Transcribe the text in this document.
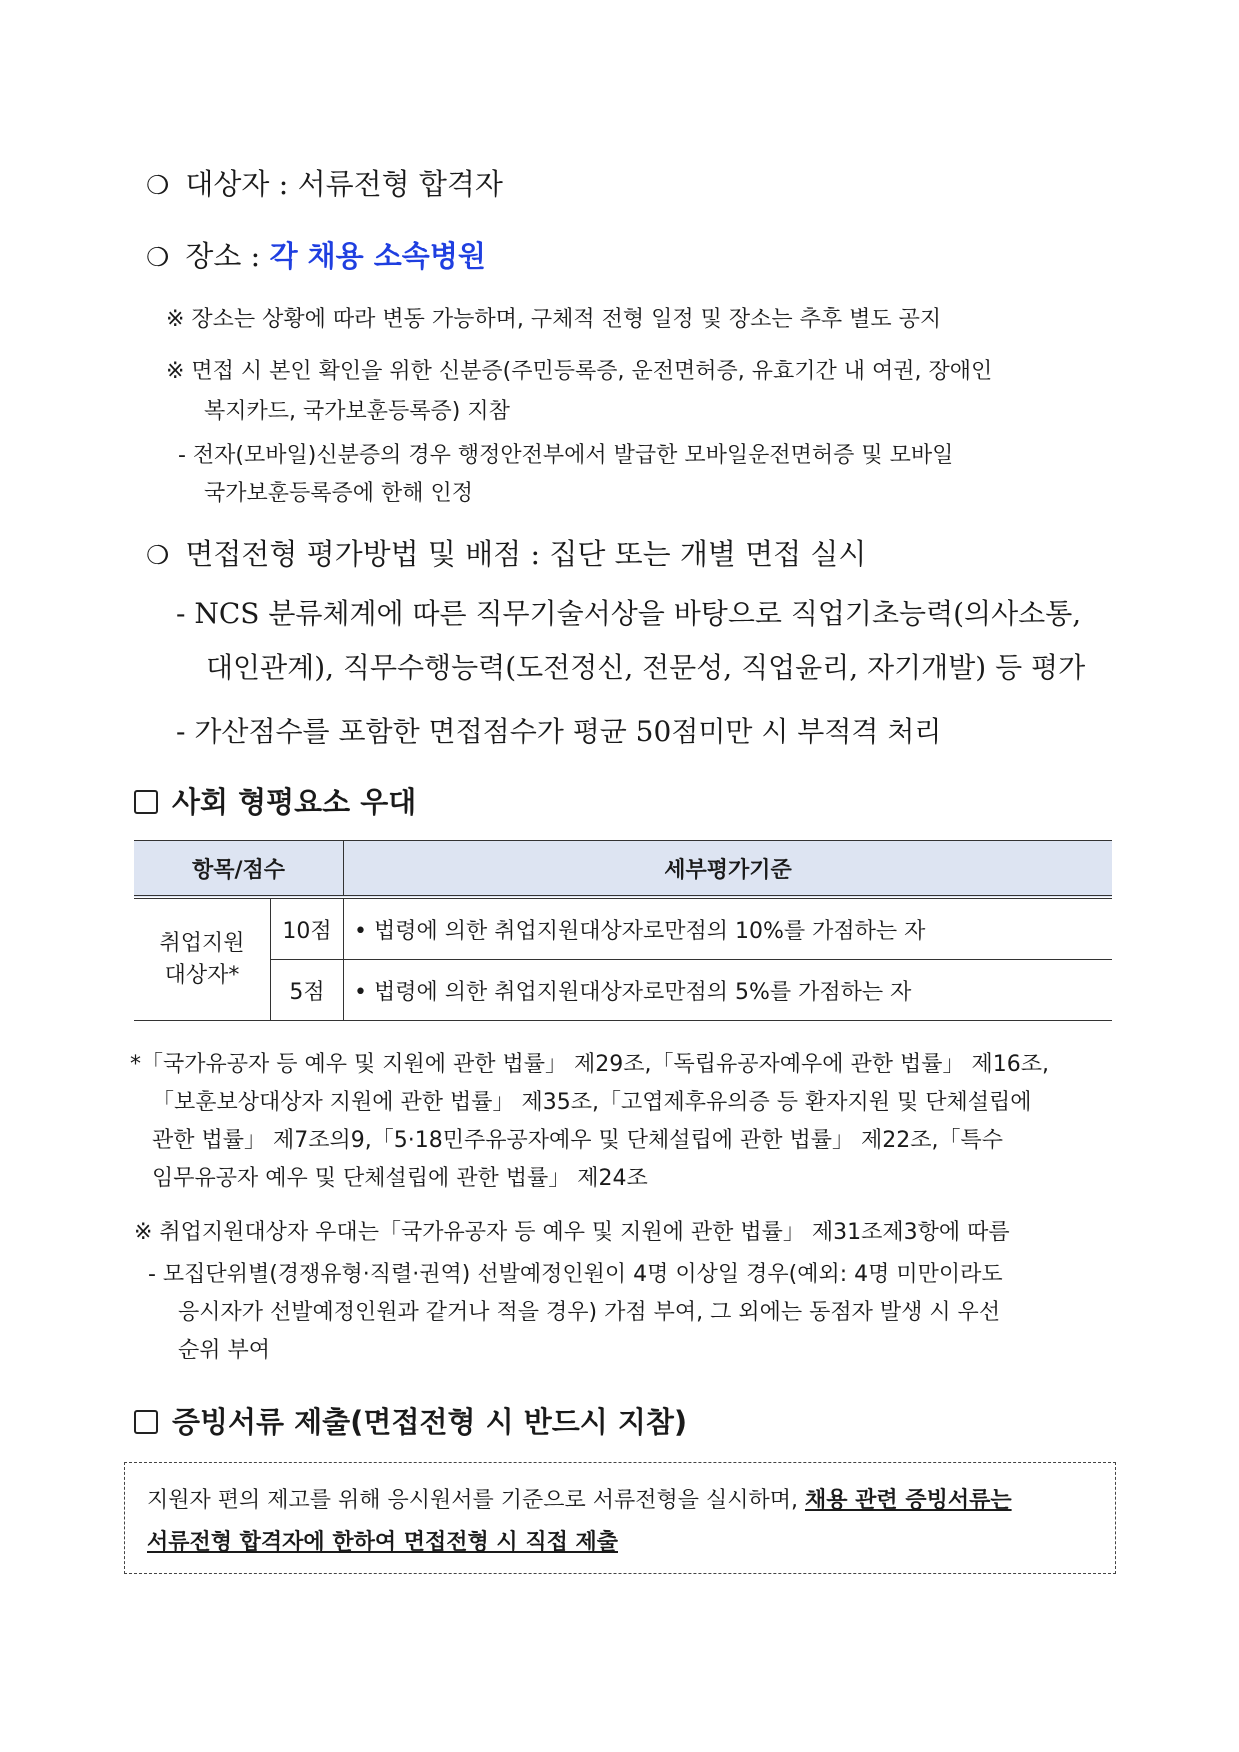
❍ 대상자 : 서류전형 합격자
❍ 장소 : 각 채용 소속병원
※ 장소는 상황에 따라 변동 가능하며, 구체적 전형 일정 및 장소는 추후 별도 공지
※ 면접 시 본인 확인을 위한 신분증(주민등록증, 운전면허증, 유효기간 내 여권, 장애인
복지카드, 국가보훈등록증) 지참
- 전자(모바일)신분증의 경우 행정안전부에서 발급한 모바일운전면허증 및 모바일
국가보훈등록증에 한해 인정
❍ 면접전형 평가방법 및 배점 : 집단 또는 개별 면접 실시
- NCS 분류체계에 따른 직무기술서상을 바탕으로 직업기초능력(의사소통,
대인관계), 직무수행능력(도전정신, 전문성, 직업윤리, 자기개발) 등 평가
- 가산점수를 포함한 면접점수가 평균 50점미만 시 부적격 처리
사회 형평요소 우대
항목/점수		세부평가기준
취업지원
대상자*	10점	• 법령에 의한 취업지원대상자로만점의 10%를 가점하는 자
	5점	• 법령에 의한 취업지원대상자로만점의 5%를 가점하는 자
*「국가유공자 등 예우 및 지원에 관한 법률」 제29조,「독립유공자예우에 관한 법률」 제16조,
「보훈보상대상자 지원에 관한 법률」 제35조,「고엽제후유의증 등 환자지원 및 단체설립에
관한 법률」 제7조의9,「5·18민주유공자예우 및 단체설립에 관한 법률」 제22조,「특수
임무유공자 예우 및 단체설립에 관한 법률」 제24조
※ 취업지원대상자 우대는「국가유공자 등 예우 및 지원에 관한 법률」 제31조제3항에 따름
- 모집단위별(경쟁유형·직렬·권역) 선발예정인원이 4명 이상일 경우(예외: 4명 미만이라도
응시자가 선발예정인원과 같거나 적을 경우) 가점 부여, 그 외에는 동점자 발생 시 우선
순위 부여
증빙서류 제출(면접전형 시 반드시 지참)
지원자 편의 제고를 위해 응시원서를 기준으로 서류전형을 실시하며, 채용 관련 증빙서류는
서류전형 합격자에 한하여 면접전형 시 직접 제출
